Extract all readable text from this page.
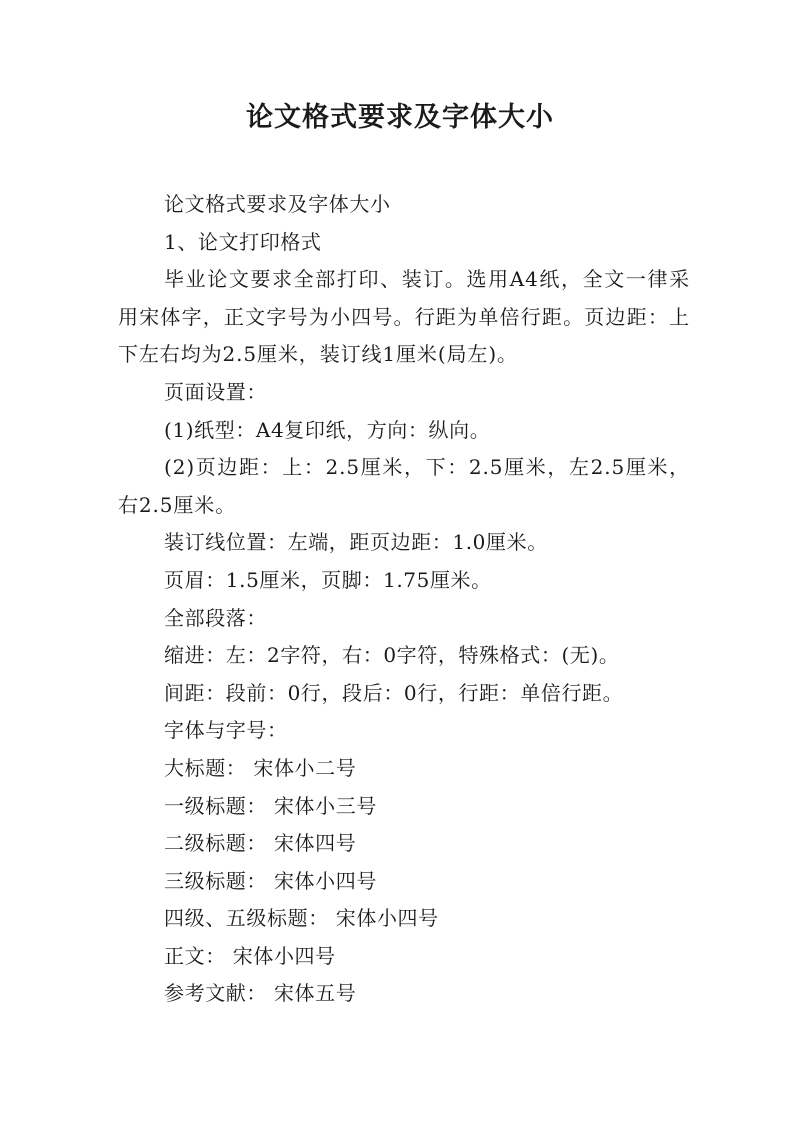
论文格式要求及字体大小

论文格式要求及字体大小

1、论文打印格式

毕业论文要求全部打印、装订。选用A4纸，全文一律采用宋体字，正文字号为小四号。行距为单倍行距。页边距：上下左右均为2.5厘米，装订线1厘米(局左)。

页面设置：

(1)纸型：A4复印纸，方向：纵向。

(2)页边距：上：2.5厘米，下：2.5厘米，左2.5厘米，右2.5厘米。

装订线位置：左端，距页边距：1.0厘米。

页眉：1.5厘米，页脚：1.75厘米。

全部段落：

缩进：左：2字符，右：0字符，特殊格式：(无)。

间距：段前：0行，段后：0行，行距：单倍行距。

字体与字号：

大标题： 宋体小二号

一级标题： 宋体小三号

二级标题： 宋体四号

三级标题： 宋体小四号

四级、五级标题： 宋体小四号

正文： 宋体小四号

参考文献： 宋体五号
